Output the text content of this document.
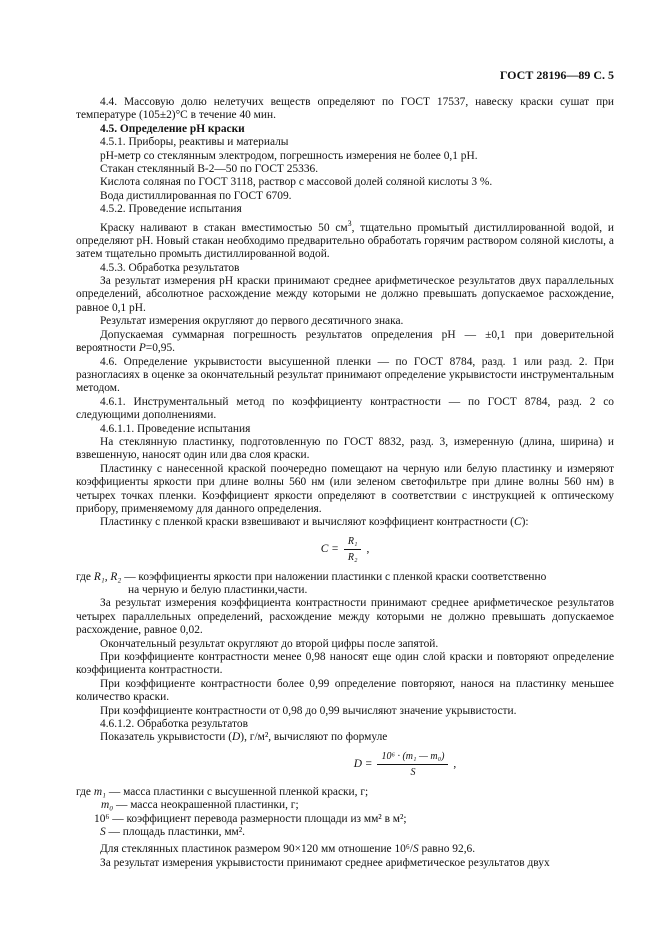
ГОСТ 28196—89 С. 5

4.4. Массовую долю нелетучих веществ определяют по ГОСТ 17537, навеску краски сушат при температуре (105±2)°С в течение 40 мин.

4.5. Определение рН краски

4.5.1. Приборы, реактивы и материалы

рН-метр со стеклянным электродом, погрешность измерения не более 0,1 рН.

Стакан стеклянный В-2—50 по ГОСТ 25336.

Кислота соляная по ГОСТ 3118, раствор с массовой долей соляной кислоты 3 %.

Вода дистиллированная по ГОСТ 6709.

4.5.2. Проведение испытания

Краску наливают в стакан вместимостью 50 $см^3$, тщательно промытый дистиллированной водой, и определяют рН. Новый стакан необходимо предварительно обработать горячим раствором соляной кислоты, а затем тщательно промыть дистиллированной водой.

4.5.3. Обработка результатов

За результат измерения рН краски принимают среднее арифметическое результатов двух параллельных определений, абсолютное расхождение между которыми не должно превышать допускаемое расхождение, равное 0,1 рН.

Результат измерения округляют до первого десятичного знака.

Допускаемая суммарная погрешность результатов определения рН — ±0,1 при доверительной вероятности P=0,95.

4.6. Определение укрывистости высушенной пленки — по ГОСТ 8784, разд. 1 или разд. 2. При разногласиях в оценке за окончательный результат принимают определение укрывистости инструментальным методом.

4.6.1. Инструментальный метод по коэффициенту контрастности — по ГОСТ 8784, разд. 2 со следующими дополнениями.

4.6.1.1. Проведение испытания

На стеклянную пластинку, подготовленную по ГОСТ 8832, разд. 3, измеренную (длина, ширина) и взвешенную, наносят один или два слоя краски.

Пластинку с нанесенной краской поочередно помещают на черную или белую пластинку и измеряют коэффициенты яркости при длине волны 560 нм (или зеленом светофильтре при длине волны 560 нм) в четырех точках пленки. Коэффициент яркости определяют в соответствии с инструкцией к оптическому прибору, применяемому для данного определения.

Пластинку с пленкой краски взвешивают и вычисляют коэффициент контрастности (C):

$C = \frac{\text{R₁}}{\text{R₂}}$ ,

где R₁, R₂ — коэффициенты яркости при наложении пластинки с пленкой краски соответственно

на черную и белую пластинки,части.

За результат измерения коэффициента контрастности принимают среднее арифметическое результатов четырех параллельных определений, расхождение между которыми не должно превышать допускаемое расхождение, равное 0,02.

Окончательный результат округляют до второй цифры после запятой.

При коэффициенте контрастности менее 0,98 наносят еще один слой краски и повторяют определение коэффициента контрастности.

При коэффициенте контрастности более 0,99 определение повторяют, нанося на пластинку меньшее количество краски.

При коэффициенте контрастности от 0,98 до 0,99 вычисляют значение укрывистости.

4.6.1.2. Обработка результатов

Показатель укрывистости (D), г/м², вычисляют по формуле

$D = \frac{\text{10⁶ · (m₁ — m₀)}}{S}$ ,

где m₁ — масса пластинки с высушенной пленкой краски, г;

m₀ — масса неокрашенной пластинки, г;

10⁶ — коэффициент перевода размерности площади из мм² в м²;

S — площадь пластинки, мм².

Для стеклянных пластинок размером 90×120 мм отношение 10⁶/S равно 92,6.

За результат измерения укрывистости принимают среднее арифметическое результатов двух
